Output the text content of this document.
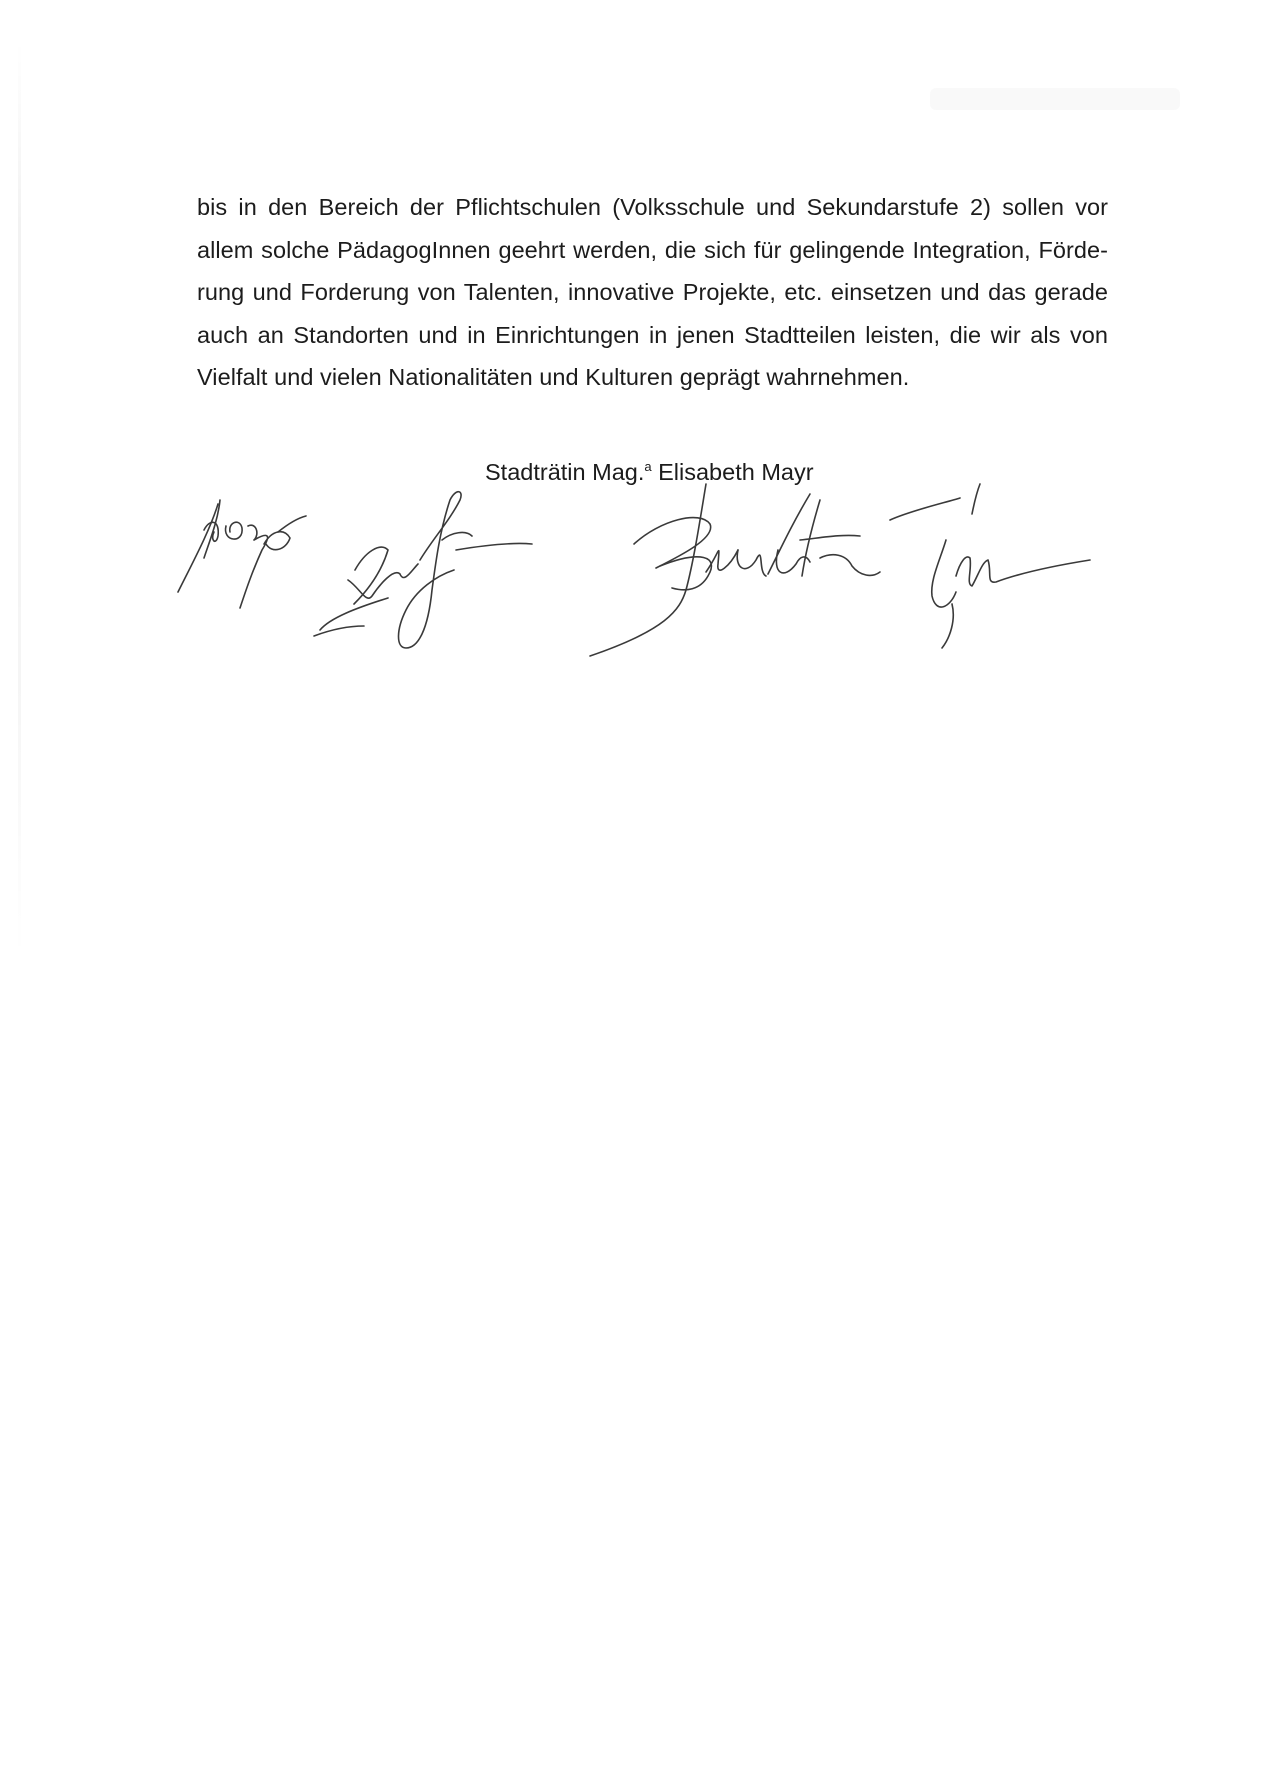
bis in den Bereich der Pflichtschulen (Volksschule und Sekundarstufe 2) sollen vor allem solche PädagogInnen geehrt werden, die sich für gelingende Integration, Förde-rung und Forderung von Talenten, innovative Projekte, etc. einsetzen und das gerade auch an Standorten und in Einrichtungen in jenen Stadtteilen leisten, die wir als von Vielfalt und vielen Nationalitäten und Kulturen geprägt wahrnehmen.

Stadträtin Mag.$^a$ Elisabeth Mayr
